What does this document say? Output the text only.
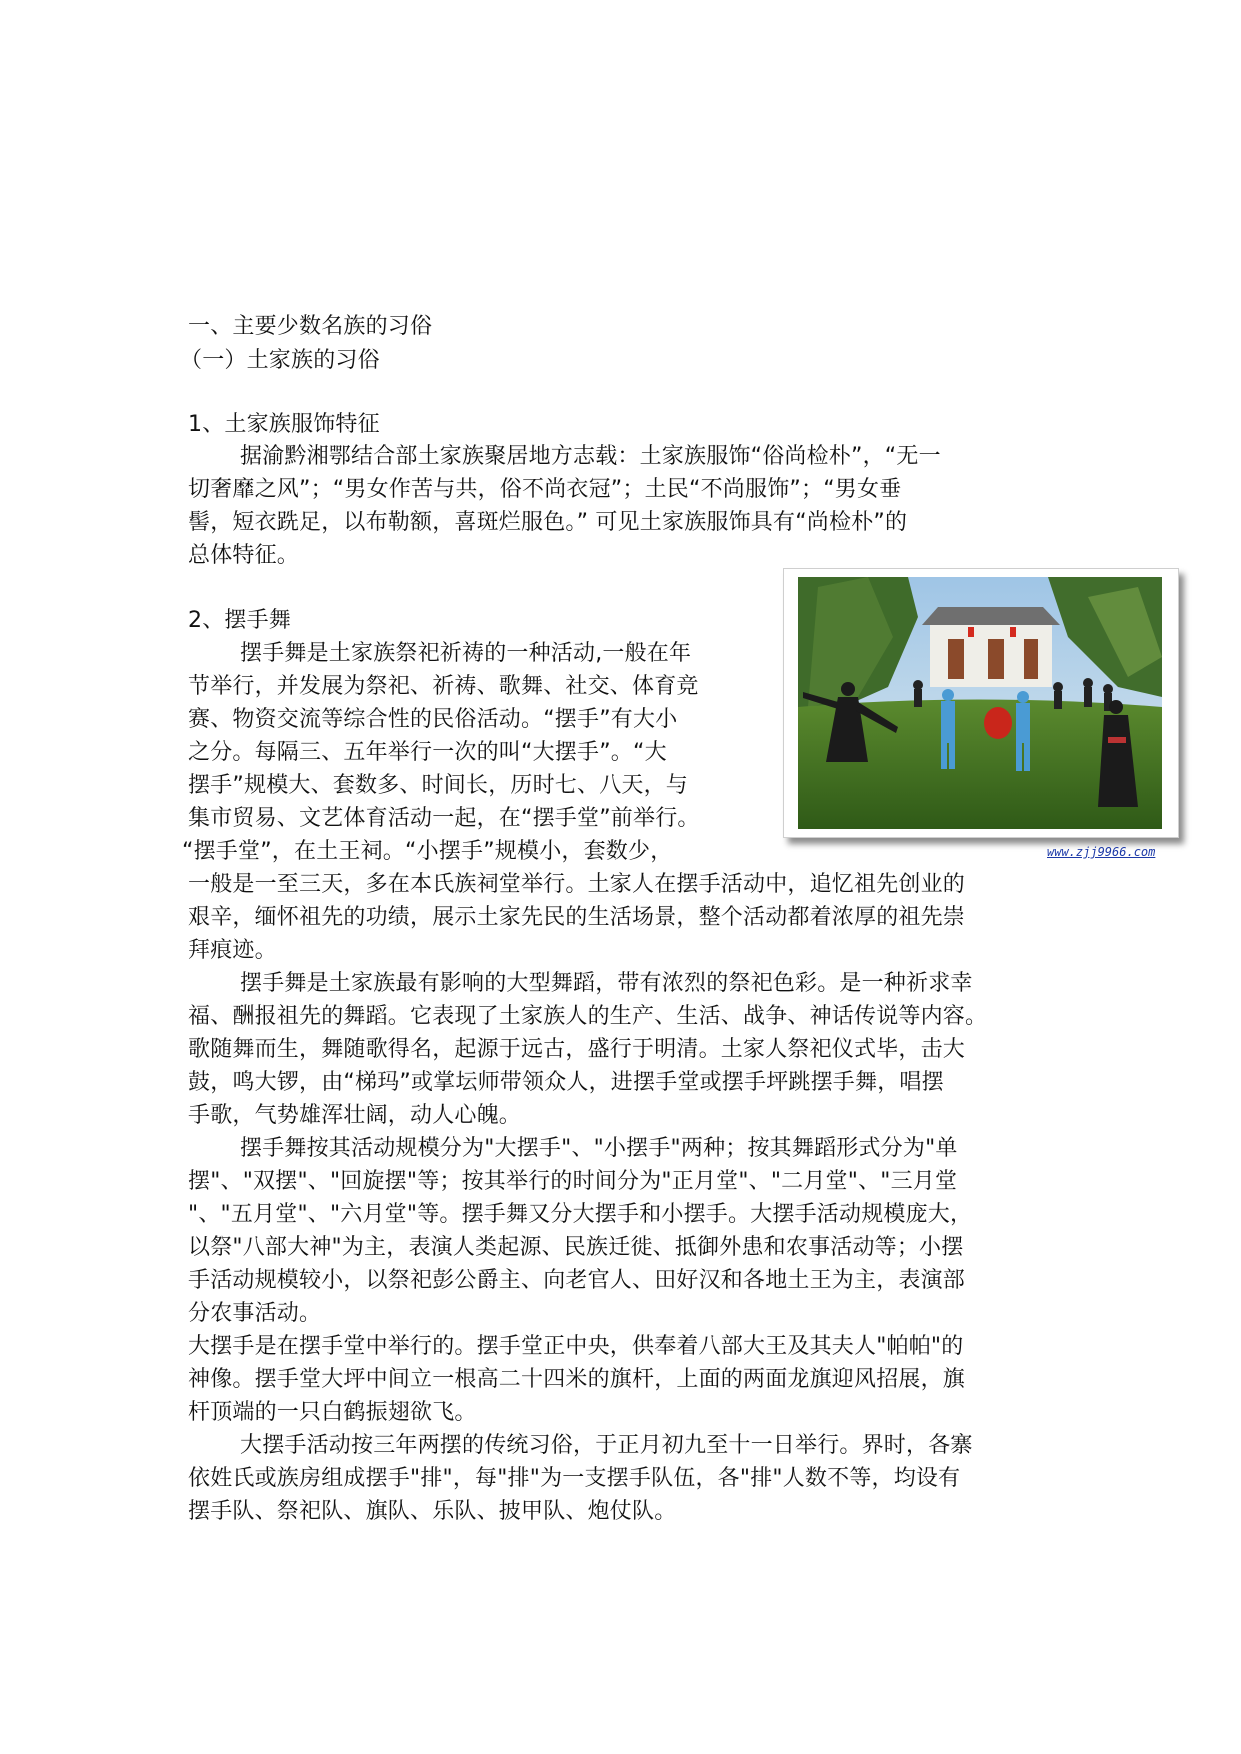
一、主要少数名族的习俗
（一）土家族的习俗
1、土家族服饰特征
据渝黔湘鄂结合部土家族聚居地方志载：土家族服饰“俗尚检朴”，“无一
切奢靡之风”；“男女作苦与共，俗不尚衣冠”；土民“不尚服饰”；“男女垂
髻，短衣跣足，以布勒额，喜斑烂服色。” 可见土家族服饰具有“尚检朴”的
总体特征。
2、摆手舞
摆手舞是土家族祭祀祈祷的一种活动,一般在年
节举行，并发展为祭祀、祈祷、歌舞、社交、体育竞
赛、物资交流等综合性的民俗活动。“摆手”有大小
之分。每隔三、五年举行一次的叫“大摆手”。“大
摆手”规模大、套数多、时间长，历时七、八天，与
集市贸易、文艺体育活动一起，在“摆手堂”前举行。
“摆手堂”，在土王祠。“小摆手”规模小，套数少，
一般是一至三天，多在本氏族祠堂举行。土家人在摆手活动中，追忆祖先创业的
艰辛，缅怀祖先的功绩，展示土家先民的生活场景，整个活动都着浓厚的祖先崇
拜痕迹。
摆手舞是土家族最有影响的大型舞蹈，带有浓烈的祭祀色彩。是一种祈求幸
福、酬报祖先的舞蹈。它表现了土家族人的生产、生活、战争、神话传说等内容。
歌随舞而生，舞随歌得名，起源于远古，盛行于明清。土家人祭祀仪式毕，击大
鼓，鸣大锣，由“梯玛”或掌坛师带领众人，进摆手堂或摆手坪跳摆手舞，唱摆
手歌，气势雄浑壮阔，动人心魄。
摆手舞按其活动规模分为"大摆手"、"小摆手"两种；按其舞蹈形式分为"单
摆"、"双摆"、"回旋摆"等；按其举行的时间分为"正月堂"、"二月堂"、"三月堂
"、"五月堂"、"六月堂"等。摆手舞又分大摆手和小摆手。大摆手活动规模庞大，
以祭"八部大神"为主，表演人类起源、民族迁徙、抵御外患和农事活动等；小摆
手活动规模较小，以祭祀彭公爵主、向老官人、田好汉和各地土王为主，表演部
分农事活动。
大摆手是在摆手堂中举行的。摆手堂正中央，供奉着八部大王及其夫人"帕帕"的
神像。摆手堂大坪中间立一根高二十四米的旗杆，上面的两面龙旗迎风招展，旗
杆顶端的一只白鹤振翅欲飞。
大摆手活动按三年两摆的传统习俗，于正月初九至十一日举行。界时，各寨
依姓氏或族房组成摆手"排"，每"排"为一支摆手队伍，各"排"人数不等，均设有
摆手队、祭祀队、旗队、乐队、披甲队、炮仗队。
www.zjj9966.com
